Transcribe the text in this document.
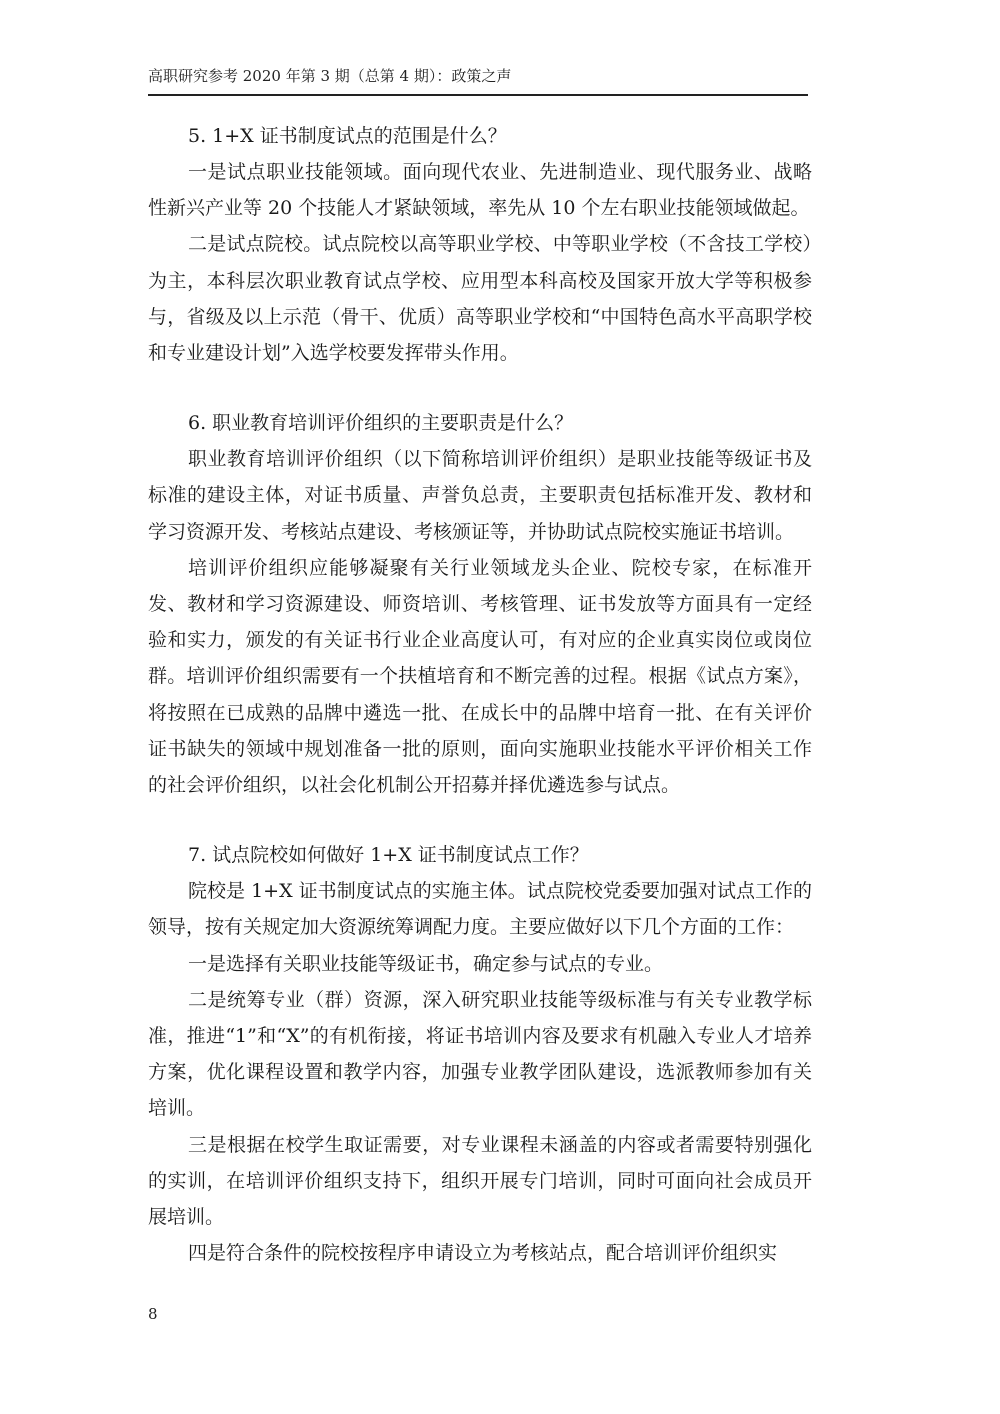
高职研究参考 2020 年第 3 期（总第 4 期）：政策之声

5. 1+X 证书制度试点的范围是什么？

一是试点职业技能领域。面向现代农业、先进制造业、现代服务业、战略性新兴产业等 20 个技能人才紧缺领域，率先从 10 个左右职业技能领域做起。

二是试点院校。试点院校以高等职业学校、中等职业学校（不含技工学校）为主，本科层次职业教育试点学校、应用型本科高校及国家开放大学等积极参与，省级及以上示范（骨干、优质）高等职业学校和“中国特色高水平高职学校和专业建设计划”入选学校要发挥带头作用。

6. 职业教育培训评价组织的主要职责是什么？

职业教育培训评价组织（以下简称培训评价组织）是职业技能等级证书及标准的建设主体，对证书质量、声誉负总责，主要职责包括标准开发、教材和学习资源开发、考核站点建设、考核颁证等，并协助试点院校实施证书培训。

培训评价组织应能够凝聚有关行业领域龙头企业、院校专家，在标准开发、教材和学习资源建设、师资培训、考核管理、证书发放等方面具有一定经验和实力，颁发的有关证书行业企业高度认可，有对应的企业真实岗位或岗位群。培训评价组织需要有一个扶植培育和不断完善的过程。根据《试点方案》，将按照在已成熟的品牌中遴选一批、在成长中的品牌中培育一批、在有关评价证书缺失的领域中规划准备一批的原则，面向实施职业技能水平评价相关工作的社会评价组织，以社会化机制公开招募并择优遴选参与试点。

7. 试点院校如何做好 1+X 证书制度试点工作？

院校是 1+X 证书制度试点的实施主体。试点院校党委要加强对试点工作的领导，按有关规定加大资源统筹调配力度。主要应做好以下几个方面的工作：

一是选择有关职业技能等级证书，确定参与试点的专业。

二是统筹专业（群）资源，深入研究职业技能等级标准与有关专业教学标准，推进“1”和“X”的有机衔接，将证书培训内容及要求有机融入专业人才培养方案，优化课程设置和教学内容，加强专业教学团队建设，选派教师参加有关培训。

三是根据在校学生取证需要，对专业课程未涵盖的内容或者需要特别强化的实训，在培训评价组织支持下，组织开展专门培训，同时可面向社会成员开展培训。

四是符合条件的院校按程序申请设立为考核站点，配合培训评价组织实

8
